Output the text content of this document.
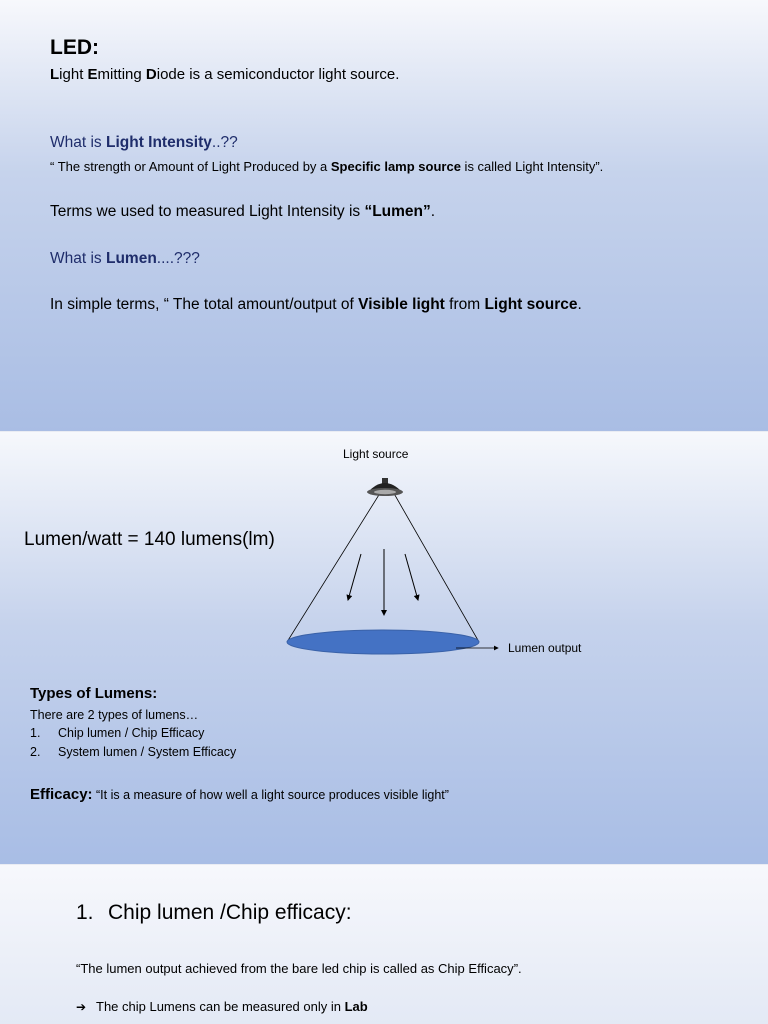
LED:
Light Emitting Diode is a semiconductor light source.
What is Light Intensity..??
“ The strength or Amount of Light Produced by a Specific lamp source is called Light Intensity”.
Terms we used to measured Light Intensity is “Lumen”.
What is Lumen....???
In simple terms, “ The total amount/output of Visible light from Light source.
Lumen/watt = 140 lumens(lm)
Light source
Lumen output
Types of Lumens:
There are 2 types of lumens…
1. Chip lumen / Chip Efficacy
2. System lumen / System Efficacy
Efficacy: “It is a measure of how well a light source produces visible light”
1. Chip lumen /Chip efficacy:
“The lumen output achieved from the bare led chip is called as Chip Efficacy”.
➔ The chip Lumens can be measured only in Lab
